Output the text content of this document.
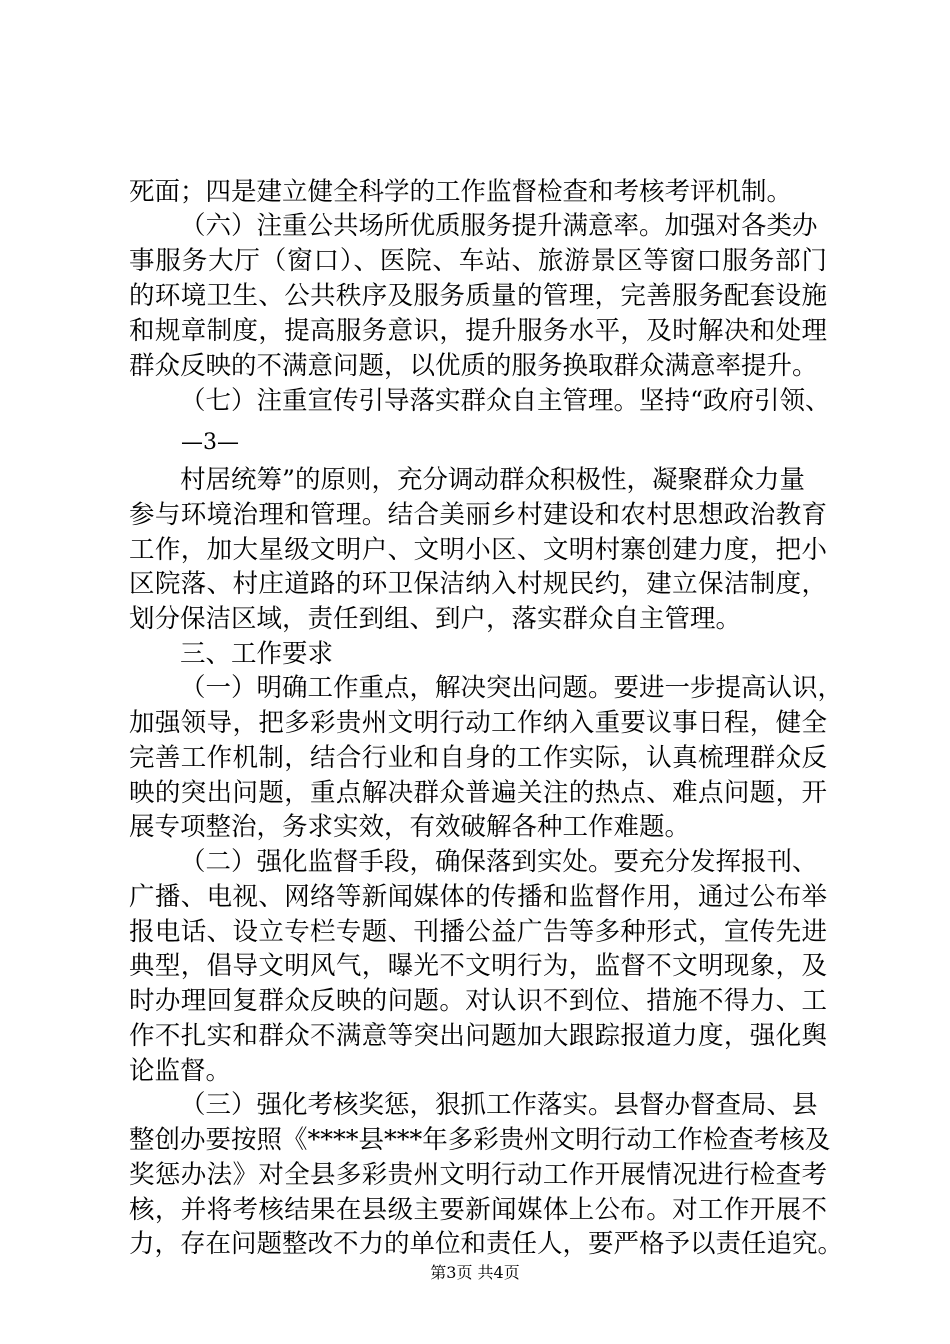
死面；四是建立健全科学的工作监督检查和考核考评机制。
（六）注重公共场所优质服务提升满意率。加强对各类办
事服务大厅（窗口）、医院、车站、旅游景区等窗口服务部门
的环境卫生、公共秩序及服务质量的管理，完善服务配套设施
和规章制度，提高服务意识，提升服务水平，及时解决和处理
群众反映的不满意问题，以优质的服务换取群众满意率提升。
（七）注重宣传引导落实群众自主管理。坚持“政府引领、
—3—
村居统筹”的原则，充分调动群众积极性，凝聚群众力量
参与环境治理和管理。结合美丽乡村建设和农村思想政治教育
工作，加大星级文明户、文明小区、文明村寨创建力度，把小
区院落、村庄道路的环卫保洁纳入村规民约，建立保洁制度，
划分保洁区域，责任到组、到户，落实群众自主管理。
三、工作要求
（一）明确工作重点，解决突出问题。要进一步提高认识，
加强领导，把多彩贵州文明行动工作纳入重要议事日程，健全
完善工作机制，结合行业和自身的工作实际，认真梳理群众反
映的突出问题，重点解决群众普遍关注的热点、难点问题，开
展专项整治，务求实效，有效破解各种工作难题。
（二）强化监督手段，确保落到实处。要充分发挥报刊、
广播、电视、网络等新闻媒体的传播和监督作用，通过公布举
报电话、设立专栏专题、刊播公益广告等多种形式，宣传先进
典型，倡导文明风气，曝光不文明行为，监督不文明现象，及
时办理回复群众反映的问题。对认识不到位、措施不得力、工
作不扎实和群众不满意等突出问题加大跟踪报道力度，强化舆
论监督。
（三）强化考核奖惩，狠抓工作落实。县督办督查局、县
整创办要按照《****县***年多彩贵州文明行动工作检查考核及
奖惩办法》对全县多彩贵州文明行动工作开展情况进行检查考
核，并将考核结果在县级主要新闻媒体上公布。对工作开展不
力，存在问题整改不力的单位和责任人，要严格予以责任追究。
第3页 共4页
